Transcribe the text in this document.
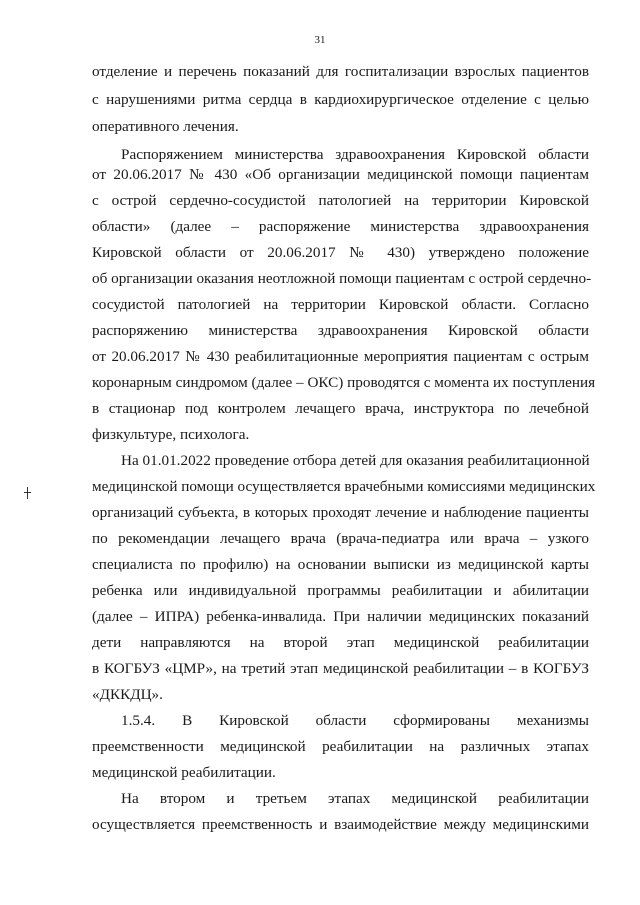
31
отделение и перечень показаний для госпитализации взрослых пациентов
с нарушениями ритма сердца в кардиохирургическое отделение с целью
оперативного лечения.
Распоряжением министерства здравоохранения Кировской области
от 20.06.2017 № 430 «Об организации медицинской помощи пациентам
с острой сердечно-сосудистой патологией на территории Кировской
области» (далее – распоряжение министерства здравоохранения
Кировской области от 20.06.2017 № 430) утверждено положение
об организации оказания неотложной помощи пациентам с острой сердечно-
сосудистой патологией на территории Кировской области. Согласно
распоряжению министерства здравоохранения Кировской области
от 20.06.2017 № 430 реабилитационные мероприятия пациентам с острым
коронарным синдромом (далее – ОКС) проводятся с момента их поступления
в стационар под контролем лечащего врача, инструктора по лечебной
физкультуре, психолога.
На 01.01.2022 проведение отбора детей для оказания реабилитационной
медицинской помощи осуществляется врачебными комиссиями медицинских
организаций субъекта, в которых проходят лечение и наблюдение пациенты
по рекомендации лечащего врача (врача-педиатра или врача – узкого
специалиста по профилю) на основании выписки из медицинской карты
ребенка или индивидуальной программы реабилитации и абилитации
(далее – ИПРА) ребенка-инвалида. При наличии медицинских показаний
дети направляются на второй этап медицинской реабилитации
в КОГБУЗ «ЦМР», на третий этап медицинской реабилитации – в КОГБУЗ
«ДККДЦ».
1.5.4. В Кировской области сформированы механизмы
преемственности медицинской реабилитации на различных этапах
медицинской реабилитации.
На втором и третьем этапах медицинской реабилитации
осуществляется преемственность и взаимодействие между медицинскими
